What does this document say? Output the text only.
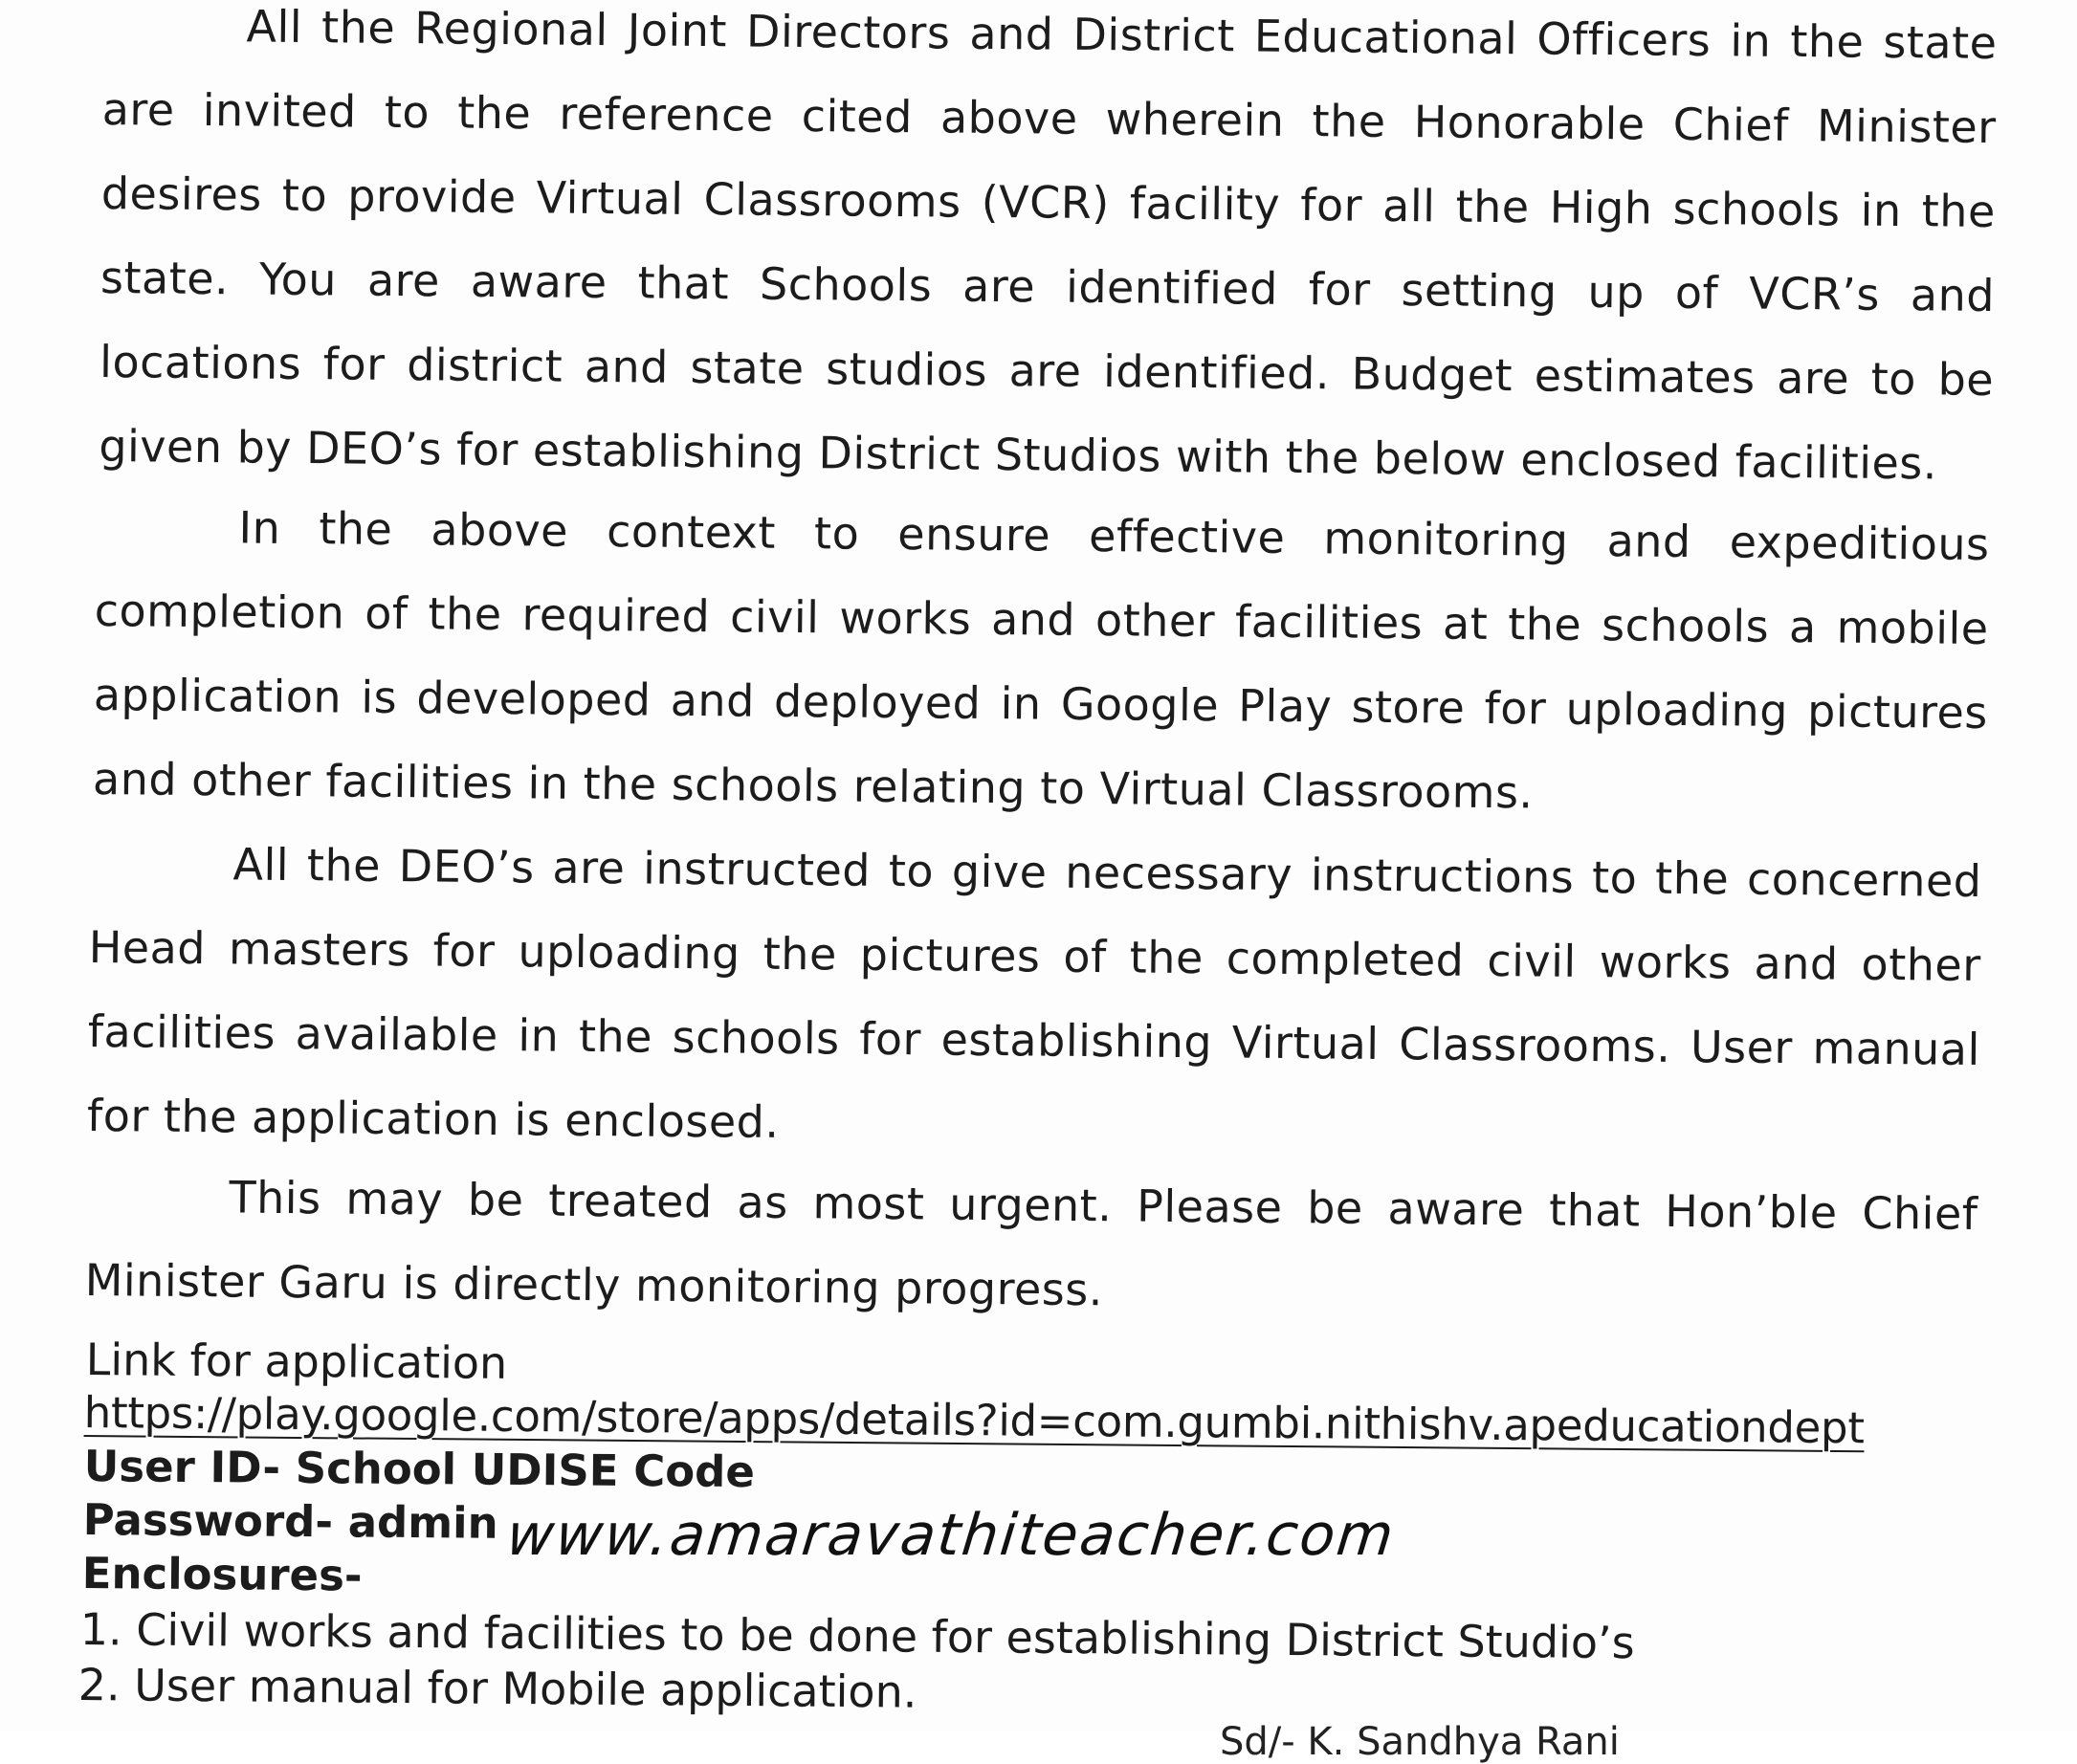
All the Regional Joint Directors and District Educational Officers in the state are invited to the reference cited above wherein the Honorable Chief Minister desires to provide Virtual Classrooms (VCR) facility for all the High schools in the state. You are aware that Schools are identified for setting up of VCR’s and locations for district and state studios are identified. Budget estimates are to be given by DEO’s for establishing District Studios with the below enclosed facilities.

In the above context to ensure effective monitoring and expeditious completion of the required civil works and other facilities at the schools a mobile application is developed and deployed in Google Play store for uploading pictures and other facilities in the schools relating to Virtual Classrooms.

All the DEO’s are instructed to give necessary instructions to the concerned Head masters for uploading the pictures of the completed civil works and other facilities available in the schools for establishing Virtual Classrooms. User manual for the application is enclosed.

This may be treated as most urgent. Please be aware that Hon’ble Chief Minister Garu is directly monitoring progress.

Link for application
https://play.google.com/store/apps/details?id=com.gumbi.nithishv.apeducationdept
User ID- School UDISE Code
Password- admin
Enclosures-
1. Civil works and facilities to be done for establishing District Studio’s
2. User manual for Mobile application.
www.amaravathiteacher.com
Sd/- K. Sandhya Rani
